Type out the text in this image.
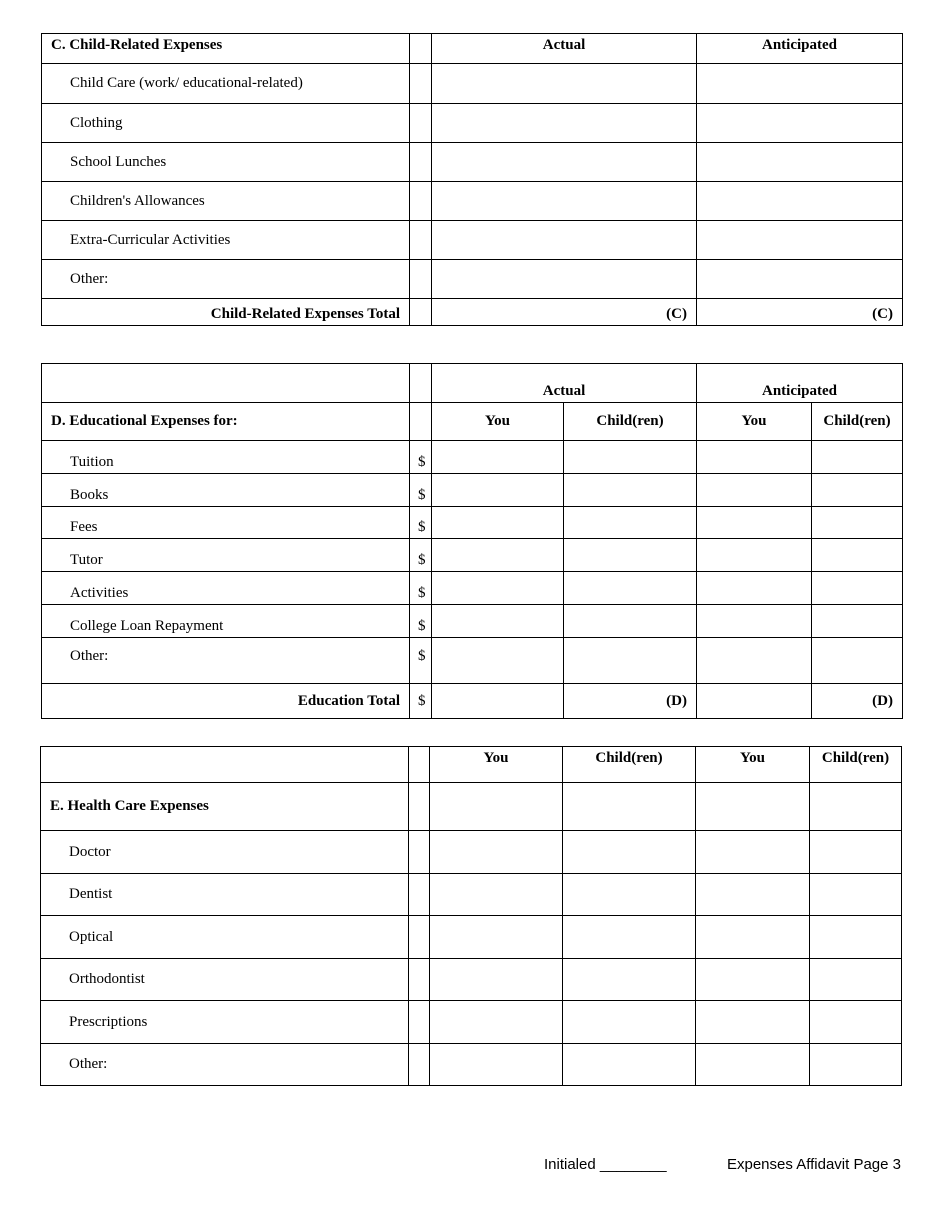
C. Child-Related Expenses		Actual	Anticipated
Child Care (work/ educational-related)			
Clothing			
School Lunches			
Children's Allowances			
Extra-Curricular Activities			
Other:			
Child-Related Expenses Total		(C)	(C)
		Actual		Anticipated	
D. Educational Expenses for:		You	Child(ren)	You	Child(ren)
Tuition	$				
Books	$				
Fees	$				
Tutor	$				
Activities	$				
College Loan Repayment	$				
Other:	$				
Education Total	$		(D)		(D)
		You	Child(ren)	You	Child(ren)
E. Health Care Expenses					
Doctor					
Dentist					
Optical					
Orthodontist					
Prescriptions					
Other:					
Initialed ________	Expenses Affidavit Page 3
